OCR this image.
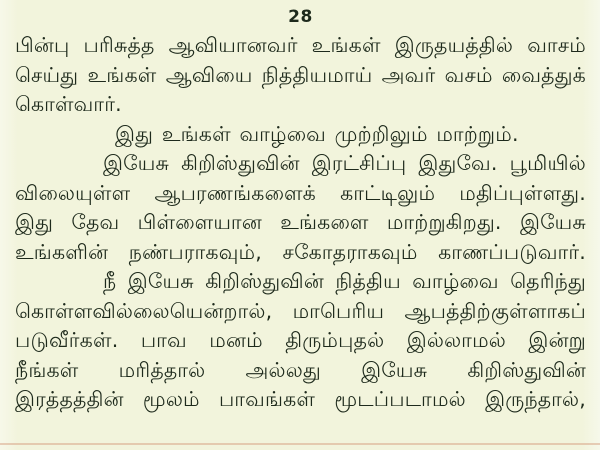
28
பின்பு பரிசுத்த ஆவியானவர் உங்கள் இருதயத்தில் வாசம்
செய்து உங்கள் ஆவியை நித்தியமாய் அவர் வசம் வைத்துக்
கொள்வார்.
இது உங்கள் வாழ்வை முற்றிலும் மாற்றும்.
இயேசு கிறிஸ்துவின் இரட்சிப்பு இதுவே. பூமியில்
விலையுள்ள ஆபரணங்களைக் காட்டிலும் மதிப்புள்ளது.
இது தேவ பிள்ளையான உங்களை மாற்றுகிறது. இயேசு
உங்களின் நண்பராகவும், சகோதராகவும் காணப்படுவார்.
நீ இயேசு கிறிஸ்துவின் நித்திய வாழ்வை தெரிந்து
கொள்ளவில்லையென்றால், மாபெரிய ஆபத்திற்குள்ளாகப்
படுவீர்கள். பாவ மனம் திரும்புதல் இல்லாமல் இன்று
நீங்கள் மரித்தால் அல்லது இயேசு கிறிஸ்துவின்
இரத்தத்தின் மூலம் பாவங்கள் மூடப்படாமல் இருந்தால்,
